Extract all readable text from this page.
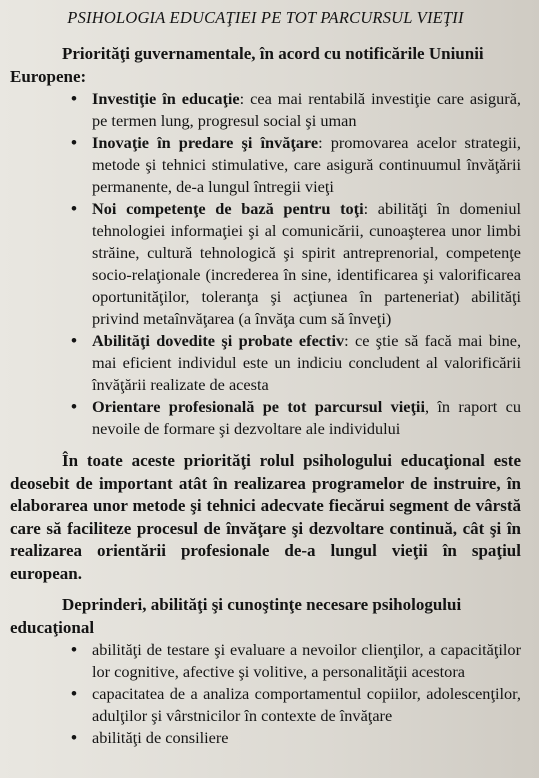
PSIHOLOGIA EDUCAŢIEI PE TOT PARCURSUL VIEŢII

Priorităţi guvernamentale, în acord cu notificările Uniunii Europene:

• Investiţie în educaţie: cea mai rentabilă investiţie care asigură, pe termen lung, progresul social şi uman
• Inovaţie în predare şi învăţare: promovarea acelor strategii, metode şi tehnici stimulative, care asigură continuumul învăţării permanente, de-a lungul întregii vieţi
• Noi competenţe de bază pentru toţi: abilităţi în domeniul tehnologiei informaţiei şi al comunicării, cunoaşterea unor limbi străine, cultură tehnologică şi spirit antreprenorial, competenţe socio-relaţionale (increderea în sine, identificarea şi valorificarea oportunităţilor, toleranţa şi acţiunea în parteneriat) abilităţi privind metaînvăţarea (a învăţa cum să înveţi)
• Abilităţi dovedite şi probate efectiv: ce ştie să facă mai bine, mai eficient individul este un indiciu concludent al valorificării învăţării realizate de acesta
• Orientare profesională pe tot parcursul vieţii, în raport cu nevoile de formare şi dezvoltare ale individului

În toate aceste priorităţi rolul psihologului educaţional este deosebit de important atât în realizarea programelor de instruire, în elaborarea unor metode şi tehnici adecvate fiecărui segment de vârstă care să faciliteze procesul de învăţare şi dezvoltare continuă, cât şi în realizarea orientării profesionale de-a lungul vieţii în spaţiul european.

Deprinderi, abilităţi şi cunoştinţe necesare psihologului educaţional

• abilităţi de testare şi evaluare a nevoilor clienţilor, a capacităţilor lor cognitive, afective şi volitive, a personalităţii acestora
• capacitatea de a analiza comportamentul copiilor, adolescenţilor, adulţilor şi vârstnicilor în contexte de învăţare
• abilităţi de consiliere
